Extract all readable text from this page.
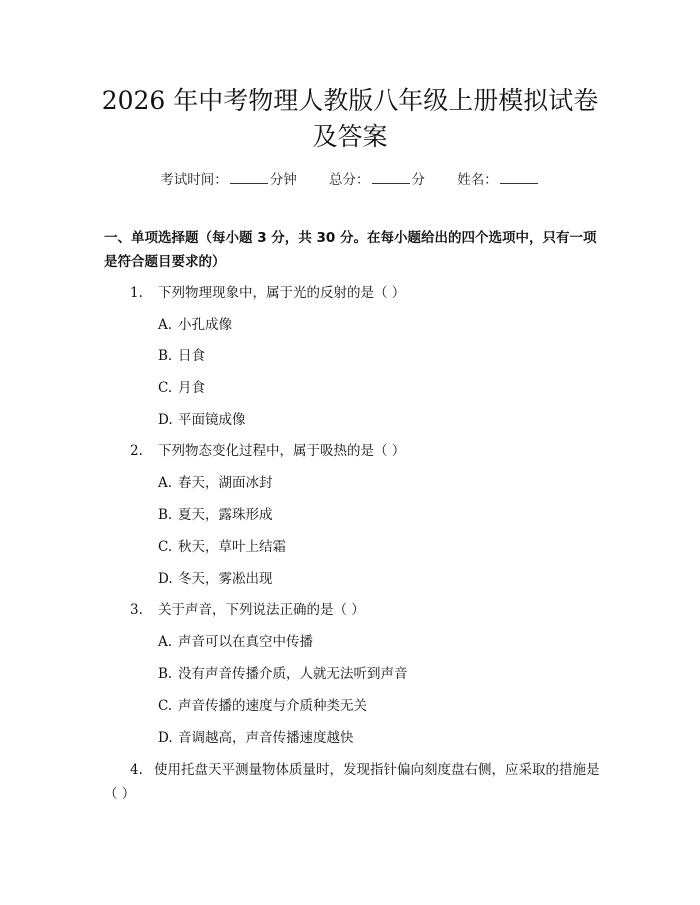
2026 年中考物理人教版八年级上册模拟试卷
及答案
考试时间：	分钟 总分：	分 姓名：
一、单项选择题（每小题 3 分，共 30 分。在每小题给出的四个选项中，只有一项是符合题目要求的）
1. 下列物理现象中，属于光的反射的是（ ）
A. 小孔成像
B. 日食
C. 月食
D. 平面镜成像
2. 下列物态变化过程中，属于吸热的是（ ）
A. 春天，湖面冰封
B. 夏天，露珠形成
C. 秋天，草叶上结霜
D. 冬天，雾凇出现
3. 关于声音，下列说法正确的是（ ）
A. 声音可以在真空中传播
B. 没有声音传播介质，人就无法听到声音
C. 声音传播的速度与介质种类无关
D. 音调越高，声音传播速度越快
4. 使用托盘天平测量物体质量时，发现指针偏向刻度盘右侧，应采取的措施是（ ）
